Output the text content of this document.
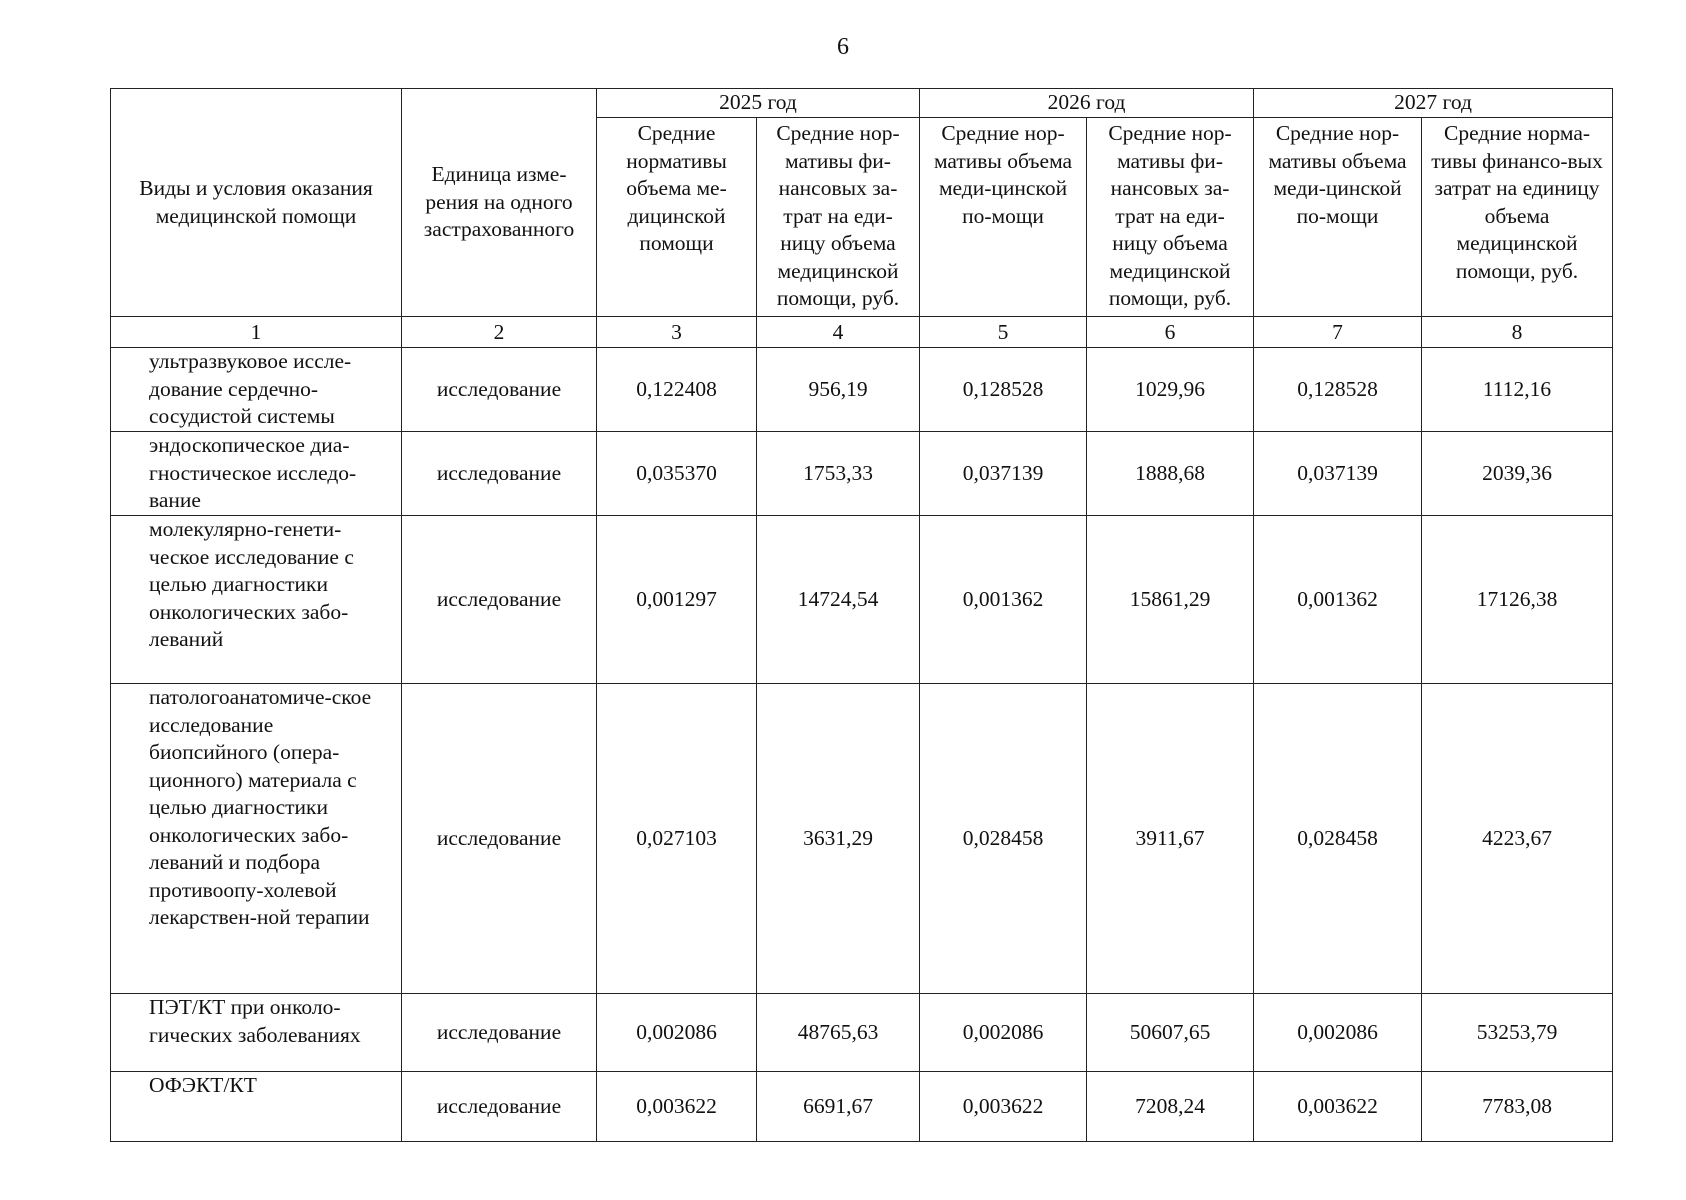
6
Виды и условия оказания медицинской помощи	Единица изме-рения на одного застрахованного	2025 год		2026 год		2027 год	
		Средние нормативы объема ме-дицинской помощи	Средние нор-мативы фи-нансовых за-трат на еди-ницу объема медицинской помощи, руб.	Средние нор-мативы объема меди-цинской по-мощи	Средние нор-мативы фи-нансовых за-трат на еди-ницу объема медицинской помощи, руб.	Средние нор-мативы объема меди-цинской по-мощи	Средние норма-тивы финансо-вых затрат на единицу объема медицинской помощи, руб.
1	2	3	4	5	6	7	8
ультразвуковое иссле-дование сердечно-сосудистой системы	исследование	0,122408	956,19	0,128528	1029,96	0,128528	1112,16
эндоскопическое диа-гностическое исследо-вание	исследование	0,035370	1753,33	0,037139	1888,68	0,037139	2039,36
молекулярно-генети-ческое исследование с целью диагностики онкологических забо-леваний	исследование	0,001297	14724,54	0,001362	15861,29	0,001362	17126,38
патологоанатомиче-ское исследование биопсийного (опера-ционного) материала с целью диагностики онкологических забо-леваний и подбора противоопу-холевой лекарствен-ной терапии	исследование	0,027103	3631,29	0,028458	3911,67	0,028458	4223,67
ПЭТ/КТ при онколо-гических заболеваниях	исследование	0,002086	48765,63	0,002086	50607,65	0,002086	53253,79
ОФЭКТ/КТ	исследование	0,003622	6691,67	0,003622	7208,24	0,003622	7783,08
